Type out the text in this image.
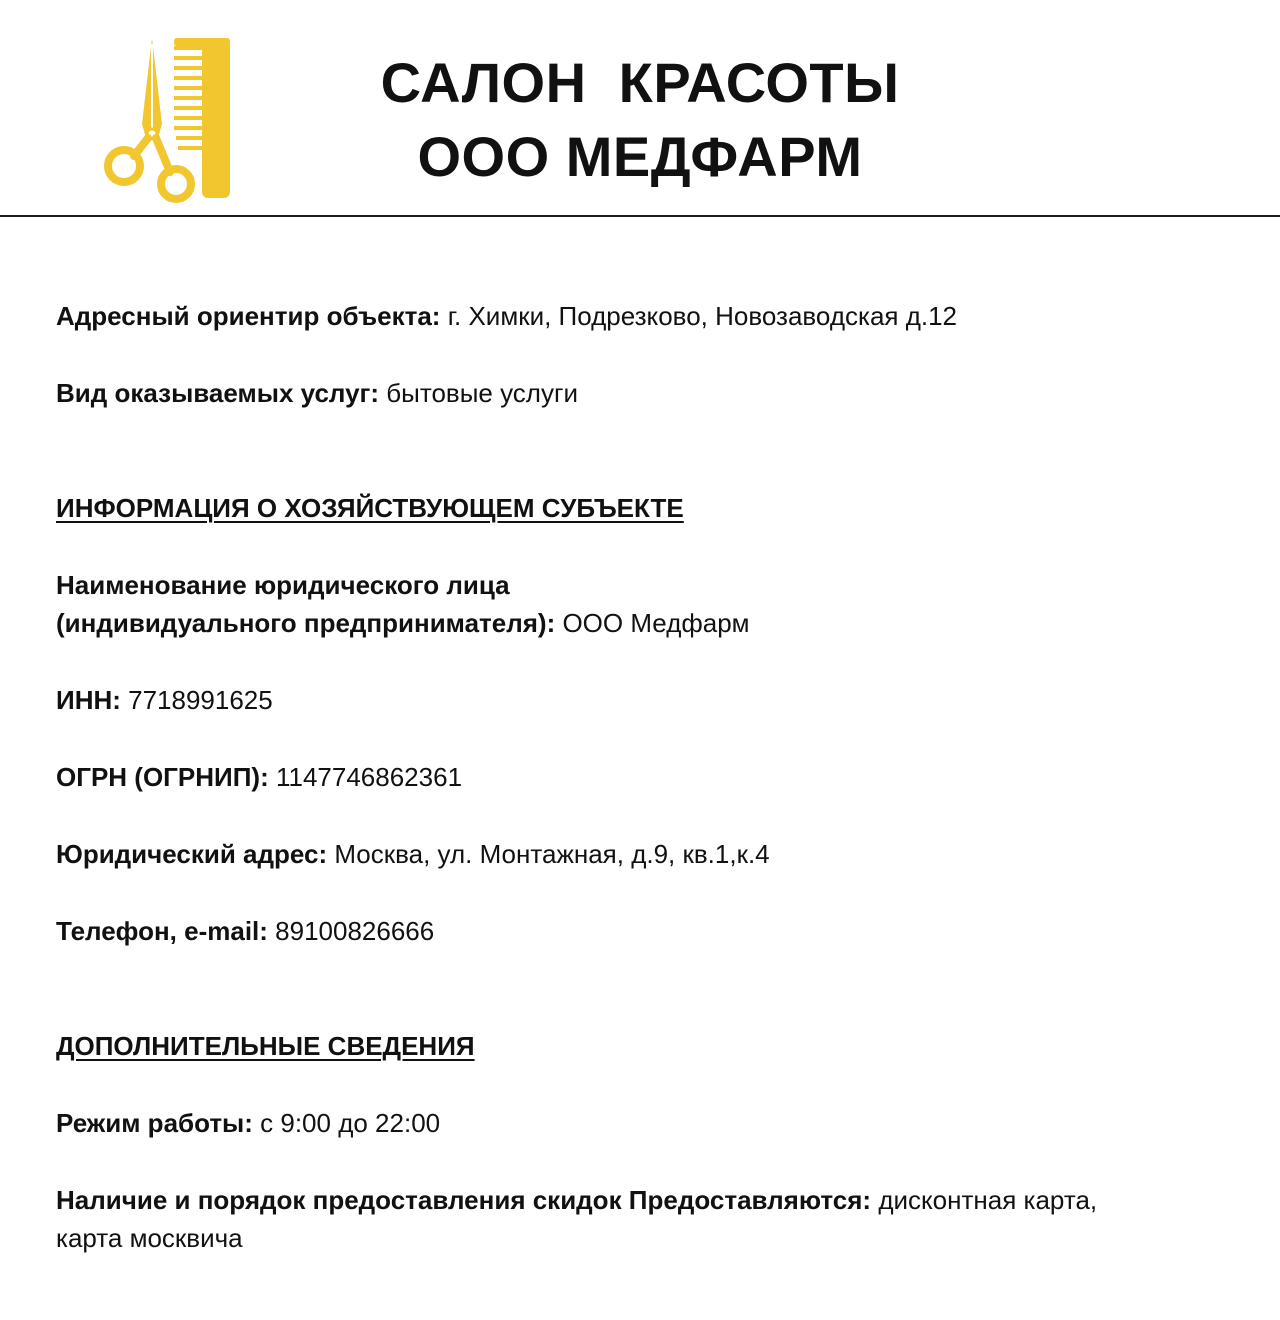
САЛОН  КРАСОТЫ
ООО МЕДФАРМ
Адресный ориентир объекта: г. Химки, Подрезково, Новозаводская д.12
Вид оказываемых услуг: бытовые услуги
ИНФОРМАЦИЯ О ХОЗЯЙСТВУЮЩЕМ СУБЪЕКТЕ
Наименование юридического лица
(индивидуального предпринимателя): ООО Медфарм
ИНН: 7718991625
ОГРН (ОГРНИП): 1147746862361
Юридический адрес: Москва, ул. Монтажная, д.9, кв.1,к.4
Телефон, e-mail: 89100826666
ДОПОЛНИТЕЛЬНЫЕ СВЕДЕНИЯ
Режим работы: с 9:00 до 22:00
Наличие и порядок предоставления скидок Предоставляются: дисконтная карта,
карта москвича
